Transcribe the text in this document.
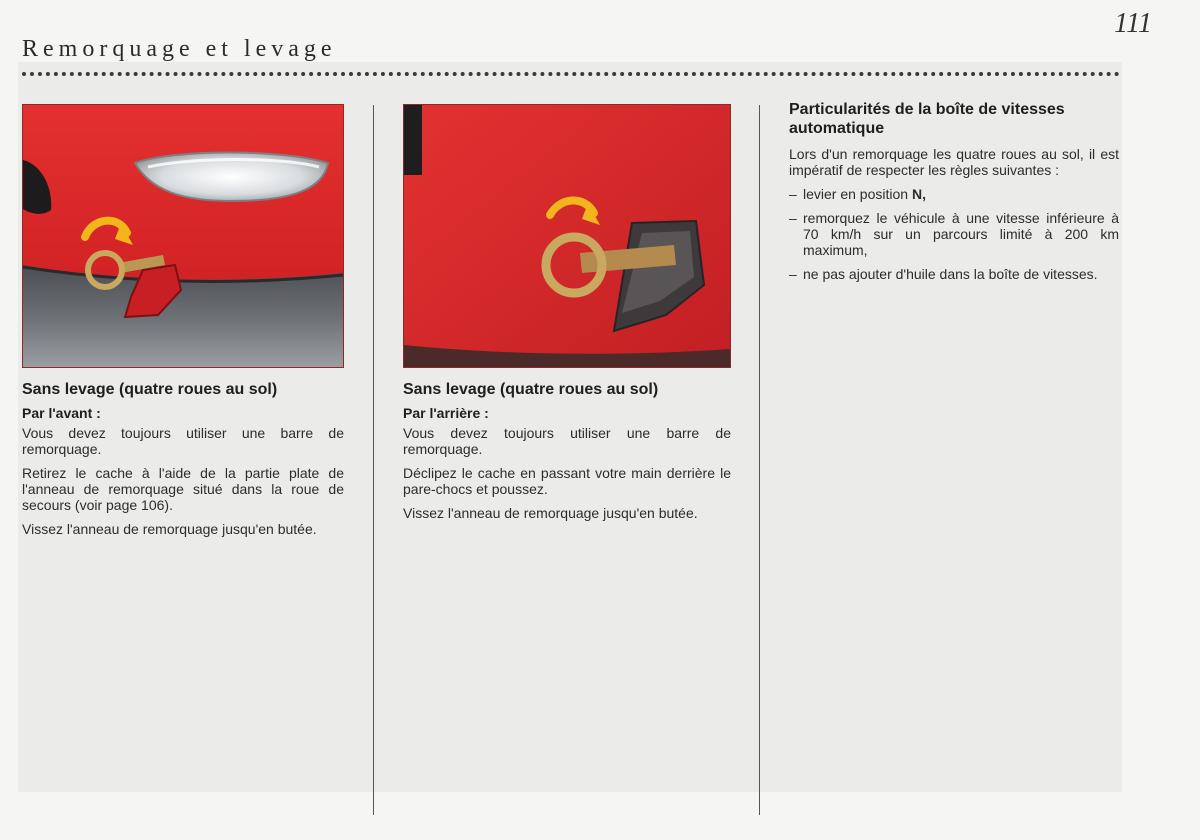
Remorquage et levage
111
Sans levage (quatre roues au sol)
Par l'avant :
Vous devez toujours utiliser une barre de remorquage.
Retirez le cache à l'aide de la partie plate de l'anneau de remorquage situé dans la roue de secours (voir page 106).
Vissez l'anneau de remorquage jusqu'en butée.
Sans levage (quatre roues au sol)
Par l'arrière :
Vous devez toujours utiliser une barre de remorquage.
Déclipez le cache en passant votre main derrière le pare-chocs et poussez.
Vissez l'anneau de remorquage jusqu'en butée.
Particularités de la boîte de vitesses automatique
Lors d'un remorquage les quatre roues au sol, il est impératif de respecter les règles suivantes :
– levier en position N,
– remorquez le véhicule à une vitesse inférieure à 70 km/h sur un parcours limité à 200 km maximum,
– ne pas ajouter d'huile dans la boîte de vitesses.
